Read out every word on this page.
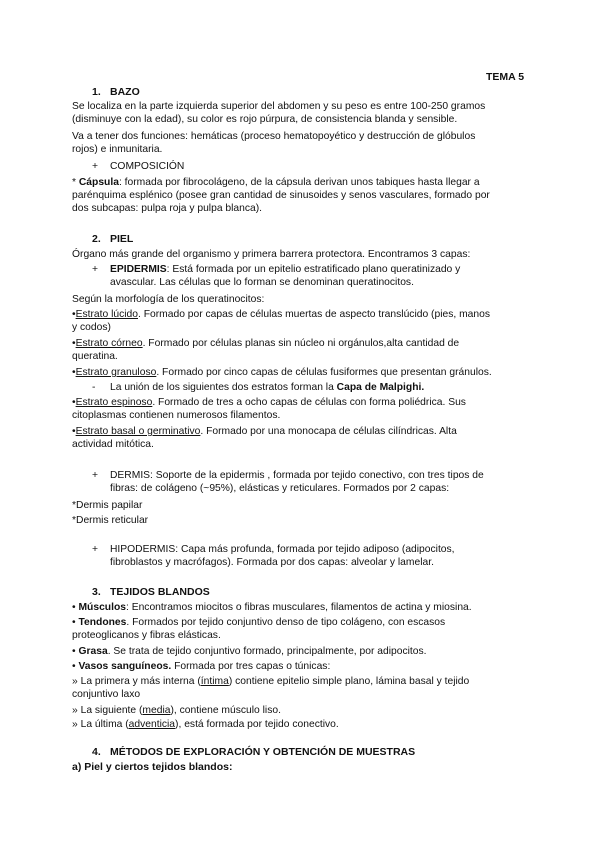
TEMA 5
1. BAZO
Se localiza en la parte izquierda superior del abdomen y su peso es entre 100-250 gramos
(disminuye con la edad), su color es rojo púrpura, de consistencia blanda y sensible.
Va a tener dos funciones: hemáticas (proceso hematopoyético y destrucción de glóbulos
rojos) e inmunitaria.
+ COMPOSICIÓN
* Cápsula: formada por fibrocolágeno, de la cápsula derivan unos tabiques hasta llegar a
parénquima esplénico (posee gran cantidad de sinusoides y senos vasculares, formado por
dos subcapas: pulpa roja y pulpa blanca).
2. PIEL
Órgano más grande del organismo y primera barrera protectora. Encontramos 3 capas:
+ EPIDERMIS: Está formada por un epitelio estratificado plano queratinizado y
avascular. Las células que lo forman se denominan queratinocitos.
Según la morfología de los queratinocitos:
•Estrato lúcido. Formado por capas de células muertas de aspecto translúcido (pies, manos
y codos)
•Estrato córneo. Formado por células planas sin núcleo ni orgánulos,alta cantidad de
queratina.
•Estrato granuloso. Formado por cinco capas de células fusiformes que presentan gránulos.
- La unión de los siguientes dos estratos forman la Capa de Malpighi.
•Estrato espinoso. Formado de tres a ocho capas de células con forma poliédrica. Sus
citoplasmas contienen numerosos filamentos.
•Estrato basal o germinativo. Formado por una monocapa de células cilíndricas. Alta
actividad mitótica.
+ DERMIS: Soporte de la epidermis , formada por tejido conectivo, con tres tipos de
fibras: de colágeno (~95%), elásticas y reticulares. Formados por 2 capas:
*Dermis papilar
*Dermis reticular
+ HIPODERMIS: Capa más profunda, formada por tejido adiposo (adipocitos,
fibroblastos y macrófagos). Formada por dos capas: alveolar y lamelar.
3. TEJIDOS BLANDOS
• Músculos: Encontramos miocitos o fibras musculares, filamentos de actina y miosina.
• Tendones. Formados por tejido conjuntivo denso de tipo colágeno, con escasos
proteoglicanos y fibras elásticas.
• Grasa. Se trata de tejido conjuntivo formado, principalmente, por adipocitos.
• Vasos sanguíneos. Formada por tres capas o túnicas:
» La primera y más interna (íntima) contiene epitelio simple plano, lámina basal y tejido
conjuntivo laxo
» La siguiente (media), contiene músculo liso.
» La última (adventicia), está formada por tejido conectivo.
4. MÉTODOS DE EXPLORACIÓN Y OBTENCIÓN DE MUESTRAS
a) Piel y ciertos tejidos blandos:
